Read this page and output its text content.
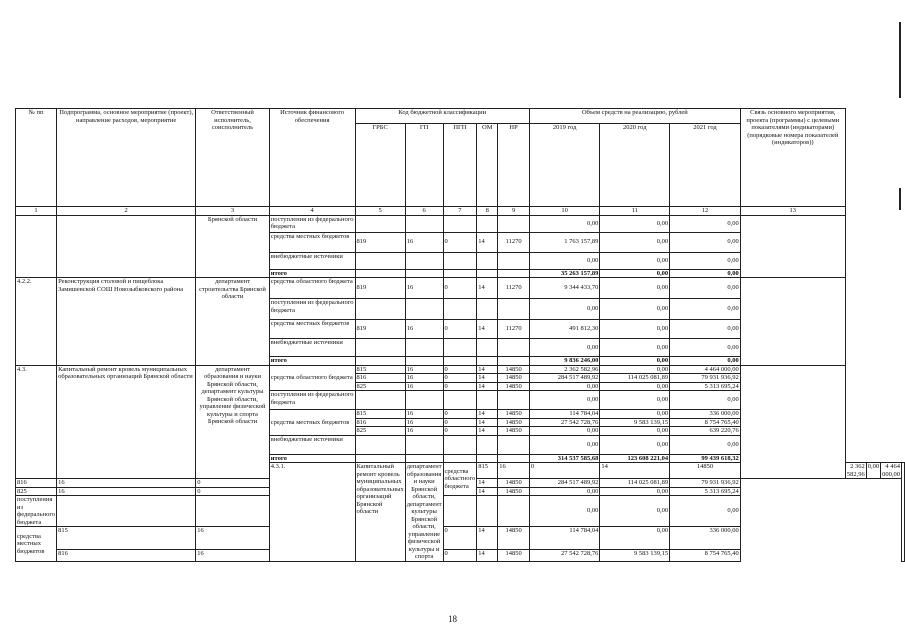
№ пп	Подпрограмма, основное мероприятие (проект), направление расходов, мероприятие	Ответственный исполнитель, соисполнитель	Источник финансового обеспечения	Код бюджетной классификации					Объем средств на реализацию, рублей			Связь основного мероприятия, проекта (программы) с целевыми показателями (индикаторами) (порядковые номера показателей (индикаторов))				
				ГРБС	ГП	ПГП	ОМ	НР	2019 год	2020 год	2021 год					
1	2	3	4	5	6	7	8	9	10	11	12	13				
		Брянской области	поступления из федерального бюджета						0,00	0,00	0,00					
			средства местных бюджетов	819	16	0	14	11270	1 763 157,89	0,00	0,00					
			внебюджетные источники						0,00	0,00	0,00					
			итого						35 263 157,89	0,00	0,00					
4.2.2.	Реконструкция столовой и пищеблока Замишевской СОШ Новозыбковского района	департамент строительства Брянской области	средства областного бюджета	819	16	0	14	11270	9 344 433,70	0,00	0,00					
			поступления из федерального бюджета						0,00	0,00	0,00					
			средства местных бюджетов	819	16	0	14	11270	491 812,30	0,00	0,00					
			внебюджетные источники						0,00	0,00	0,00					
			итого						9 836 246,00	0,00	0,00					
4.3.	Капитальный ремонт кровель муниципальных образовательных организаций Брянской области	департамент образования и науки Брянской области, департамент культуры Брянской области, управление физической культуры и спорта Брянской области	средства областного бюджета	815	16	0	14	14850	2 362 582,96	0,00	4 464 000,00					
				816	16	0	14	14850	284 517 489,92	114 025 081,89	79 931 936,92					
				825	16	0	14	14850	0,00	0,00	5 313 695,24					
			поступления из федерального бюджета						0,00	0,00	0,00					
			средства местных бюджетов	815	16	0	14	14850	114 784,04	0,00	336 000,00					
				816	16	0	14	14850	27 542 728,76	9 583 139,15	8 754 765,40					
				825	16	0	14	14850	0,00	0,00	639 220,76					
			внебюджетные источники						0,00	0,00	0,00					
			итого						314 537 585,68	123 608 221,04	99 439 618,32					
			4.3.1.	Капитальный ремонт кровель муниципальных образовательных организаций Брянской области	департамент образования и науки Брянской области, департамент культуры Брянской области, управление физической культуры и спорта	средства областного бюджета	815	16	0	14	14850		2 362 582,96	0,00	4 464 000,00	
816	16	0					14	14850	284 517 489,92	114 025 081,89	79 931 936,92					
825	16	0					14	14850	0,00	0,00	5 313 695,24					
поступления из федерального бюджета									0,00	0,00	0,00					
средства местных бюджетов	815	16				0	14	14850	114 784,04	0,00	336 000,00					
	816	16				0	14	14850	27 542 728,76	9 583 139,15	8 754 765,40					
18
